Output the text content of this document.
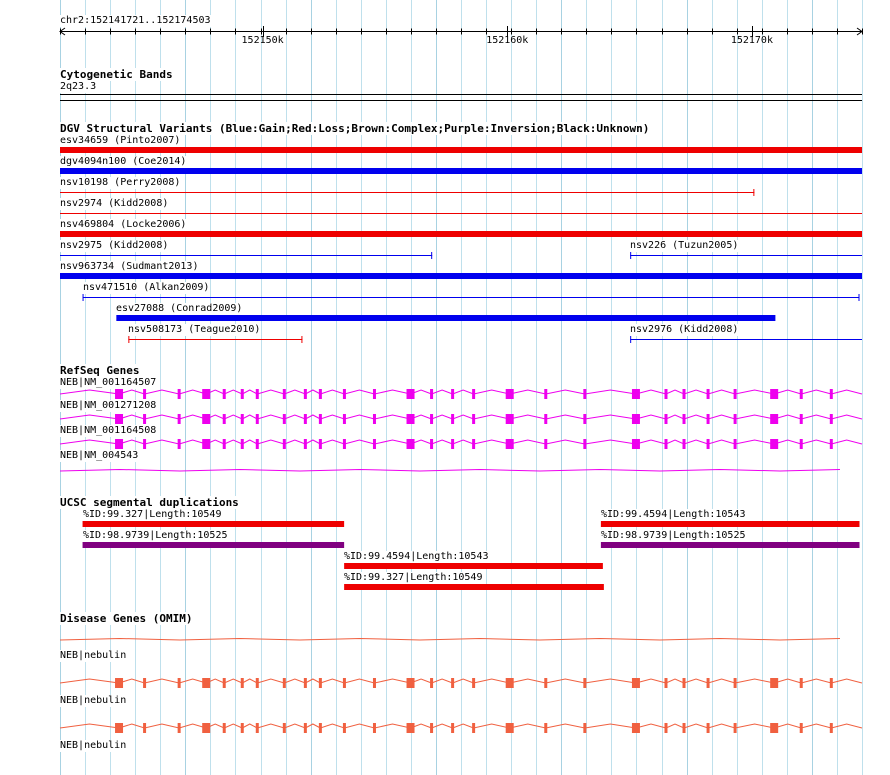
chr2:152141721..152174503
152150k	152160k	152170k
Cytogenetic Bands
2q23.3
DGV Structural Variants (Blue:Gain;Red:Loss;Brown:Complex;Purple:Inversion;Black:Unknown)
esv34659 (Pinto2007)
dgv4094n100 (Coe2014)
nsv10198 (Perry2008)
nsv2974 (Kidd2008)
nsv469804 (Locke2006)
nsv2975 (Kidd2008)	nsv226 (Tuzun2005)
nsv963734 (Sudmant2013)
nsv471510 (Alkan2009)
esv27088 (Conrad2009)
nsv508173 (Teague2010)	nsv2976 (Kidd2008)
RefSeq Genes
NEB|NM_001164507
NEB|NM_001271208
NEB|NM_001164508
NEB|NM_004543
UCSC segmental duplications
%ID:99.327|Length:10549
%ID:98.9739|Length:10525
%ID:99.4594|Length:10543
%ID:99.327|Length:10549
%ID:99.4594|Length:10543
%ID:98.9739|Length:10525
Disease Genes (OMIM)
NEB|nebulin
NEB|nebulin
NEB|nebulin
